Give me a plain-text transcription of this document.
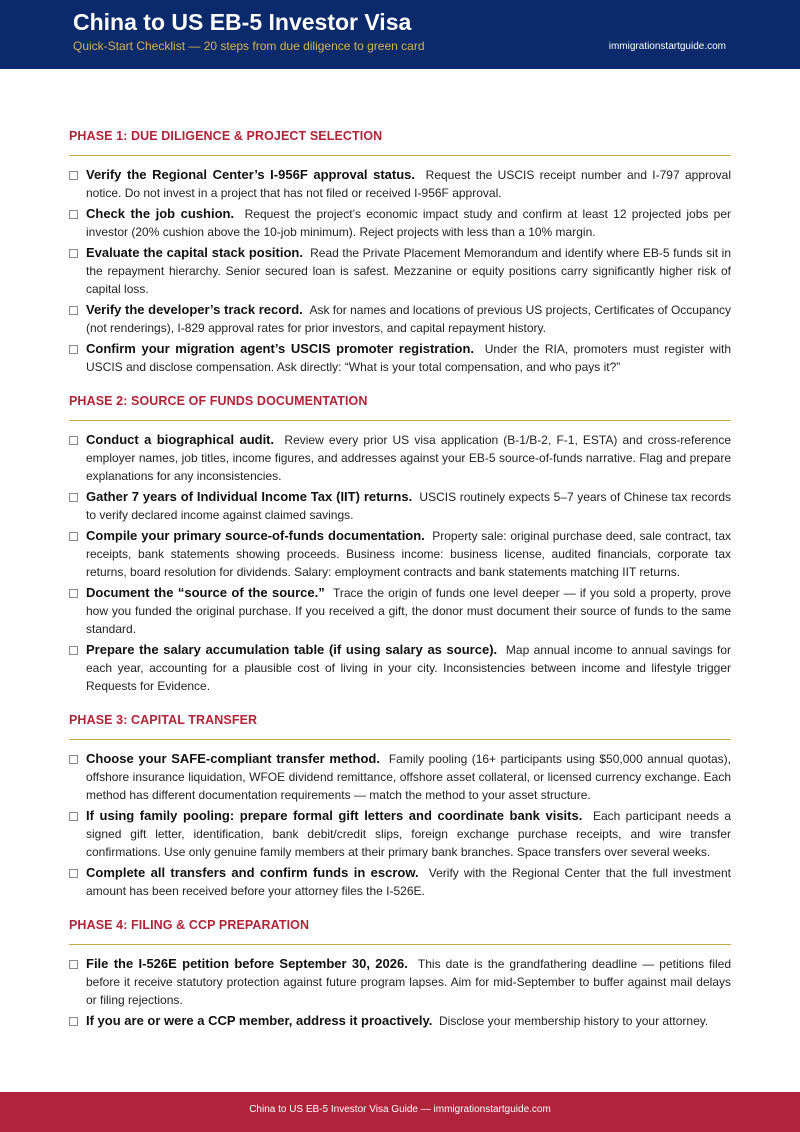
China to US EB-5 Investor Visa
Quick-Start Checklist — 20 steps from due diligence to green card	immigrationstartguide.com
PHASE 1: DUE DILIGENCE & PROJECT SELECTION
Verify the Regional Center’s I-956F approval status. Request the USCIS receipt number and I-797 approval notice. Do not invest in a project that has not filed or received I-956F approval.
Check the job cushion. Request the project’s economic impact study and confirm at least 12 projected jobs per investor (20% cushion above the 10-job minimum). Reject projects with less than a 10% margin.
Evaluate the capital stack position. Read the Private Placement Memorandum and identify where EB-5 funds sit in the repayment hierarchy. Senior secured loan is safest. Mezzanine or equity positions carry significantly higher risk of capital loss.
Verify the developer’s track record. Ask for names and locations of previous US projects, Certificates of Occupancy (not renderings), I-829 approval rates for prior investors, and capital repayment history.
Confirm your migration agent’s USCIS promoter registration. Under the RIA, promoters must register with USCIS and disclose compensation. Ask directly: “What is your total compensation, and who pays it?”
PHASE 2: SOURCE OF FUNDS DOCUMENTATION
Conduct a biographical audit. Review every prior US visa application (B-1/B-2, F-1, ESTA) and cross-reference employer names, job titles, income figures, and addresses against your EB-5 source-of-funds narrative. Flag and prepare explanations for any inconsistencies.
Gather 7 years of Individual Income Tax (IIT) returns. USCIS routinely expects 5–7 years of Chinese tax records to verify declared income against claimed savings.
Compile your primary source-of-funds documentation. Property sale: original purchase deed, sale contract, tax receipts, bank statements showing proceeds. Business income: business license, audited financials, corporate tax returns, board resolution for dividends. Salary: employment contracts and bank statements matching IIT returns.
Document the “source of the source.” Trace the origin of funds one level deeper — if you sold a property, prove how you funded the original purchase. If you received a gift, the donor must document their source of funds to the same standard.
Prepare the salary accumulation table (if using salary as source). Map annual income to annual savings for each year, accounting for a plausible cost of living in your city. Inconsistencies between income and lifestyle trigger Requests for Evidence.
PHASE 3: CAPITAL TRANSFER
Choose your SAFE-compliant transfer method. Family pooling (16+ participants using $50,000 annual quotas), offshore insurance liquidation, WFOE dividend remittance, offshore asset collateral, or licensed currency exchange. Each method has different documentation requirements — match the method to your asset structure.
If using family pooling: prepare formal gift letters and coordinate bank visits. Each participant needs a signed gift letter, identification, bank debit/credit slips, foreign exchange purchase receipts, and wire transfer confirmations. Use only genuine family members at their primary bank branches. Space transfers over several weeks.
Complete all transfers and confirm funds in escrow. Verify with the Regional Center that the full investment amount has been received before your attorney files the I-526E.
PHASE 4: FILING & CCP PREPARATION
File the I-526E petition before September 30, 2026. This date is the grandfathering deadline — petitions filed before it receive statutory protection against future program lapses. Aim for mid-September to buffer against mail delays or filing rejections.
If you are or were a CCP member, address it proactively. Disclose your membership history to your attorney.
China to US EB-5 Investor Visa Guide — immigrationstartguide.com
